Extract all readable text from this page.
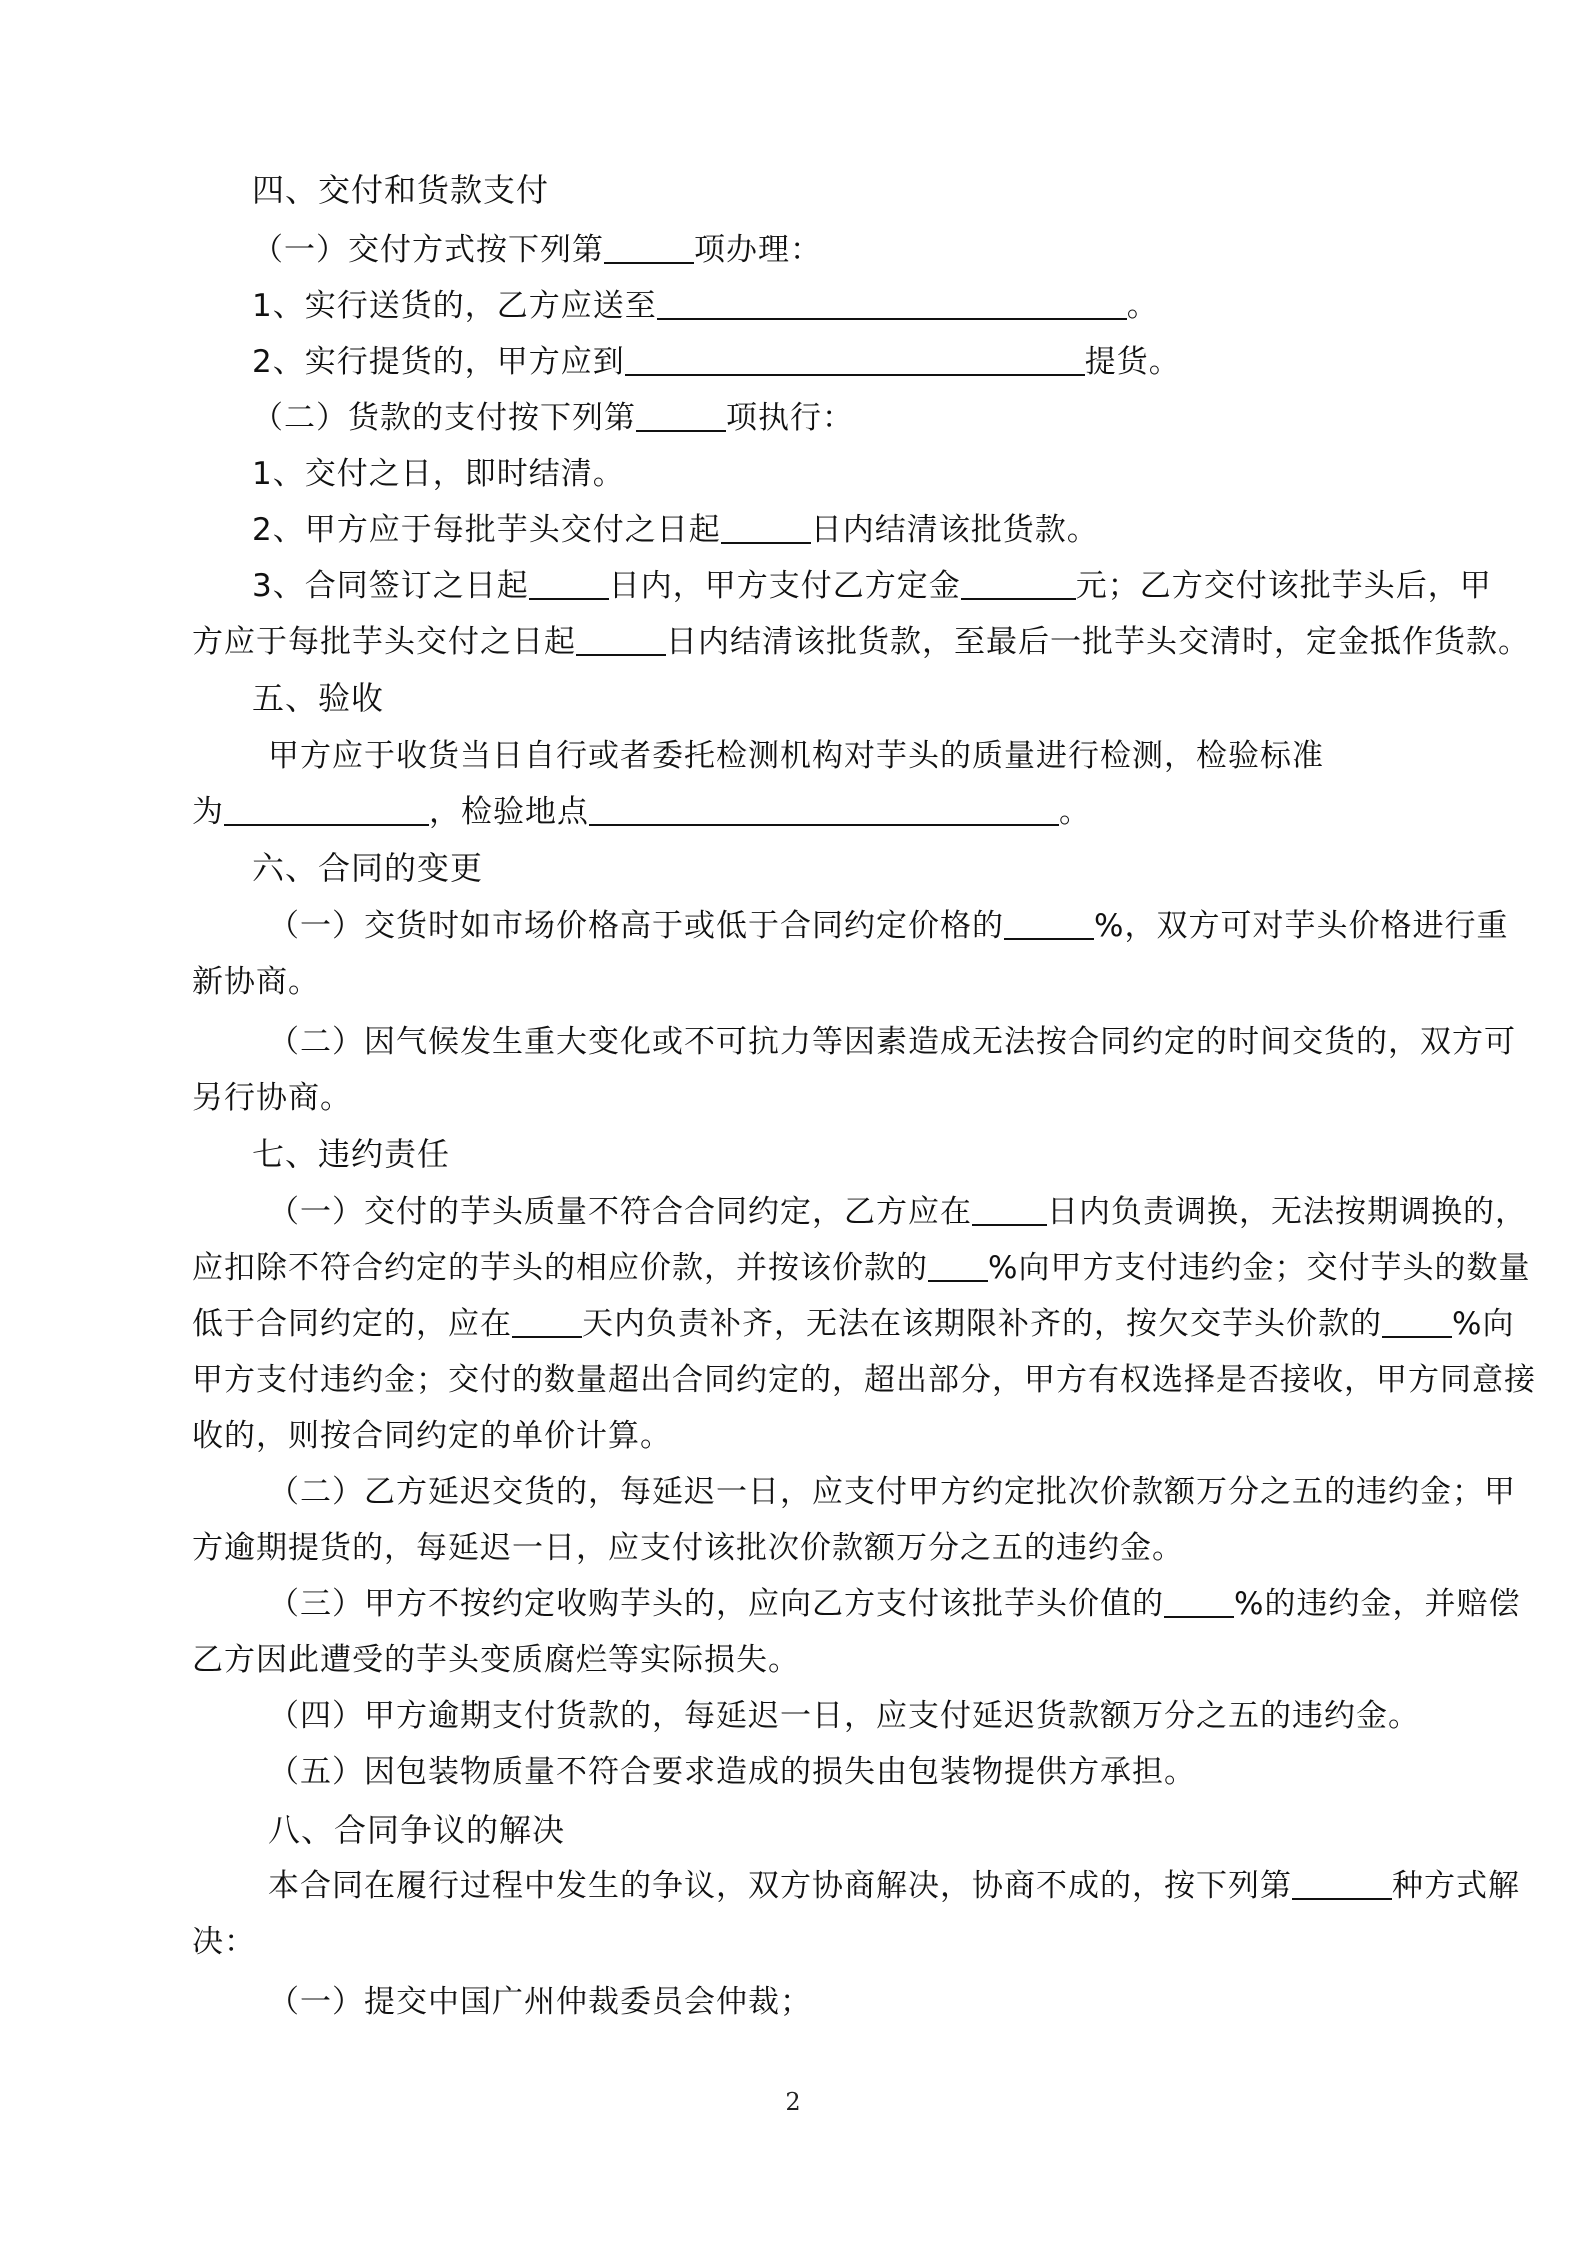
四、交付和货款支付
（一）交付方式按下列第	项办理：
1、实行送货的，乙方应送至	。
2、实行提货的，甲方应到	提货。
（二）货款的支付按下列第	项执行：
1、交付之日，即时结清。
2、甲方应于每批芋头交付之日起	日内结清该批货款。
3、合同签订之日起	日内，甲方支付乙方定金	元；乙方交付该批芋头后，甲
方应于每批芋头交付之日起	日内结清该批货款，至最后一批芋头交清时，定金抵作货款。
五、验收
甲方应于收货当日自行或者委托检测机构对芋头的质量进行检测，检验标准
为	，检验地点	。
六、合同的变更
（一）交货时如市场价格高于或低于合同约定价格的	%，双方可对芋头价格进行重
新协商。
（二）因气候发生重大变化或不可抗力等因素造成无法按合同约定的时间交货的，双方可
另行协商。
七、违约责任
（一）交付的芋头质量不符合合同约定，乙方应在 日内负责调换，无法按期调换的，
应扣除不符合约定的芋头的相应价款，并按该价款的 %向甲方支付违约金；交付芋头的数量
低于合同约定的，应在 天内负责补齐，无法在该期限补齐的，按欠交芋头价款的 %向
甲方支付违约金；交付的数量超出合同约定的，超出部分，甲方有权选择是否接收，甲方同意接
收的，则按合同约定的单价计算。
（二）乙方延迟交货的，每延迟一日，应支付甲方约定批次价款额万分之五的违约金；甲
方逾期提货的，每延迟一日，应支付该批次价款额万分之五的违约金。
（三）甲方不按约定收购芋头的，应向乙方支付该批芋头价值的 %的违约金，并赔偿
乙方因此遭受的芋头变质腐烂等实际损失。
（四）甲方逾期支付货款的，每延迟一日，应支付延迟货款额万分之五的违约金。
（五）因包装物质量不符合要求造成的损失由包装物提供方承担。
八、合同争议的解决
本合同在履行过程中发生的争议，双方协商解决，协商不成的，按下列第	种方式解
决：
（一）提交中国广州仲裁委员会仲裁；
2
